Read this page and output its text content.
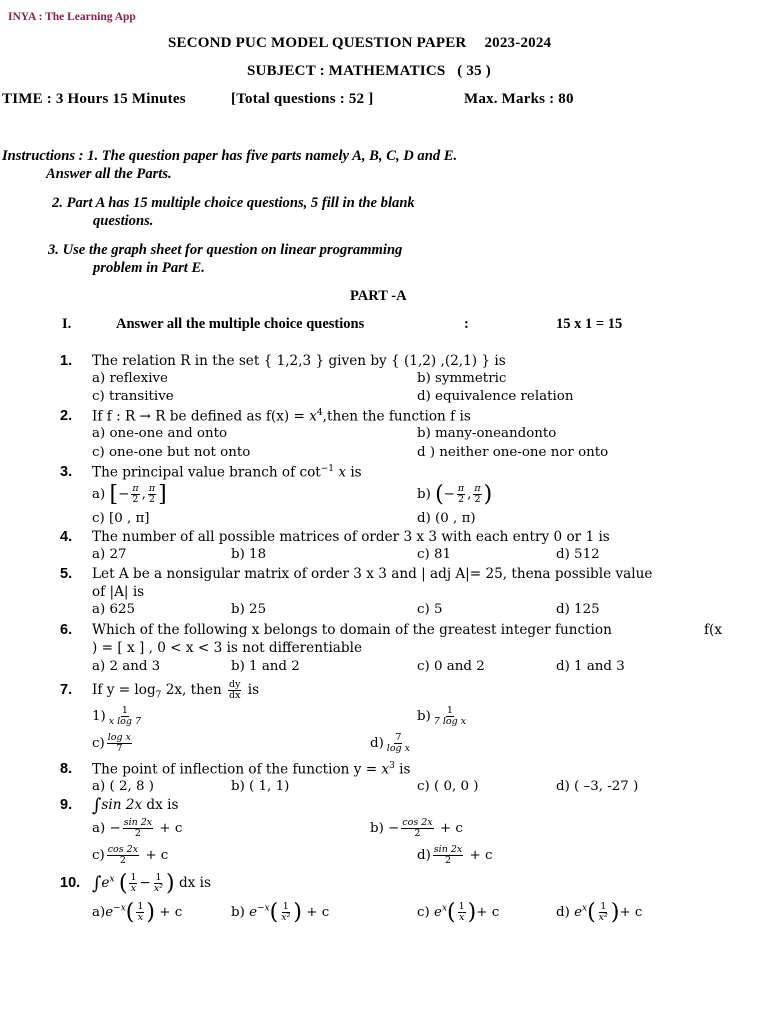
INYA : The Learning App
SECOND PUC MODEL QUESTION PAPER 2023-2024
SUBJECT : MATHEMATICS ( 35 )
TIME : 3 Hours 15 Minutes	[Total questions : 52 ]	Max. Marks : 80
Instructions : 1. The question paper has five parts namely A, B, C, D and E.
Answer all the Parts.
2. Part A has 15 multiple choice questions, 5 fill in the blank
questions.
3. Use the graph sheet for question on linear programming
problem in Part E.
PART -A
I.	Answer all the multiple choice questions	:	15 x 1 = 15
1. The relation R in the set { 1,2,3 } given by { (1,2) ,(2,1) } is
a) reflexive	b) symmetric
c) transitive	d) equivalence relation
2. If f : R → R be defined as $f(x) = x^4,then$ the function f is
a) one-one and onto	b) many-oneandonto
c) one-one but not onto	d ) neither one-one nor onto
3. The principal value branch of $\cot^{-1} x$ is
a) [− $\frac{\pi}{2}$ , $\frac{\pi}{2}$ ]	b) (− $\frac{\pi}{2}$ , $\frac{\pi}{2}$ )
c) [0 , π]	d) (0 , π)
4. The number of all possible matrices of order 3 x 3 with each entry 0 or 1 is
a) 27	b) 18	c) 81	d) 512
5. Let A be a nonsigular matrix of order 3 x 3 and | adj A|= 25, thena possible value
of |A| is
a) 625	b) 25	c) 5	d) 125
6. Which of the following x belongs to domain of the greatest integer function	f(x
) = [ x ] , 0 < x < 3 is not differentiable
a) 2 and 3	b) 1 and 2	c) 0 and 2	d) 1 and 3
7. If $y = \log_7 2x$, then $\frac{dy}{dx}$ is
$1) \frac{1}{\text{x log 7}}$	$b) \frac{1}{\text{7 log x}}$
$c) \frac{\text{log x}}{7}$	$d) \frac{7}{\text{log x}}$
8. The point of inflection of the function $y = x^3$ is
a) ( 2, 8 )	b) ( 1, 1)	c) ( 0, 0 )	d) ( –3, -27 )
9. ∫sin 2x dx is
$a) - \frac{\sin 2x}{2} + c$	$b) - \frac{\cos 2x}{2} + c$
$c) \frac{\cos 2x}{2} + c$	$d) \frac{\sin 2x}{2} + c$
10. $\int e^x$ ( $\frac{1}{x} - \frac{1}{\text{x²}}$ ) dx is
$a)e^{-x}( \frac{1}{x}$ ) + c	b) $e^{-x}( \frac{1}{\text{x²}}$ ) + c	c) $e^x( \frac{1}{x}$ )+ c	d) $e^x( \frac{1}{\text{x²}}$ )+ c
